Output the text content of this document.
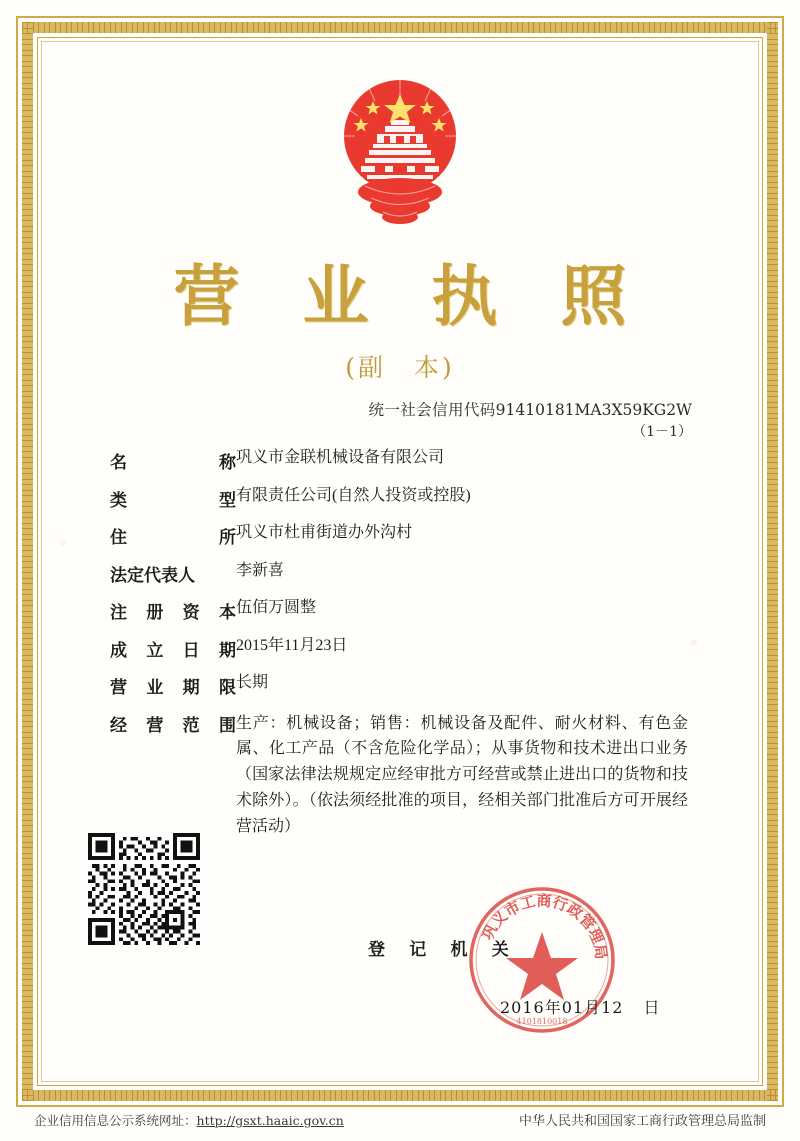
营 业 执 照
(副　本)
统一社会信用代码91410181MA3X59KG2W
（1－1）
名	称 巩义市金联机械设备有限公司
类	型 有限责任公司(自然人投资或控股)
住	所 巩义市杜甫街道办外沟村
法定代表人	李新喜
注 册 资 本 伍佰万圆整
成 立 日 期 2015年11月23日
营 业 期 限 长期
经 营 范 围 生产：机械设备；销售：机械设备及配件、耐火材料、有色金属、化工产品（不含危险化学品）；从事货物和技术进出口业务（国家法律法规规定应经审批方可经营或禁止进出口的货物和技术除外）。（依法须经批准的项目，经相关部门批准后方可开展经营活动）
登 记 机 关
巩
义
市
工 商
行
政
管
理
局
4101810018
2016年01月12 日
企业信用信息公示系统网址：http://gsxt.haaic.gov.cn	中华人民共和国国家工商行政管理总局监制
